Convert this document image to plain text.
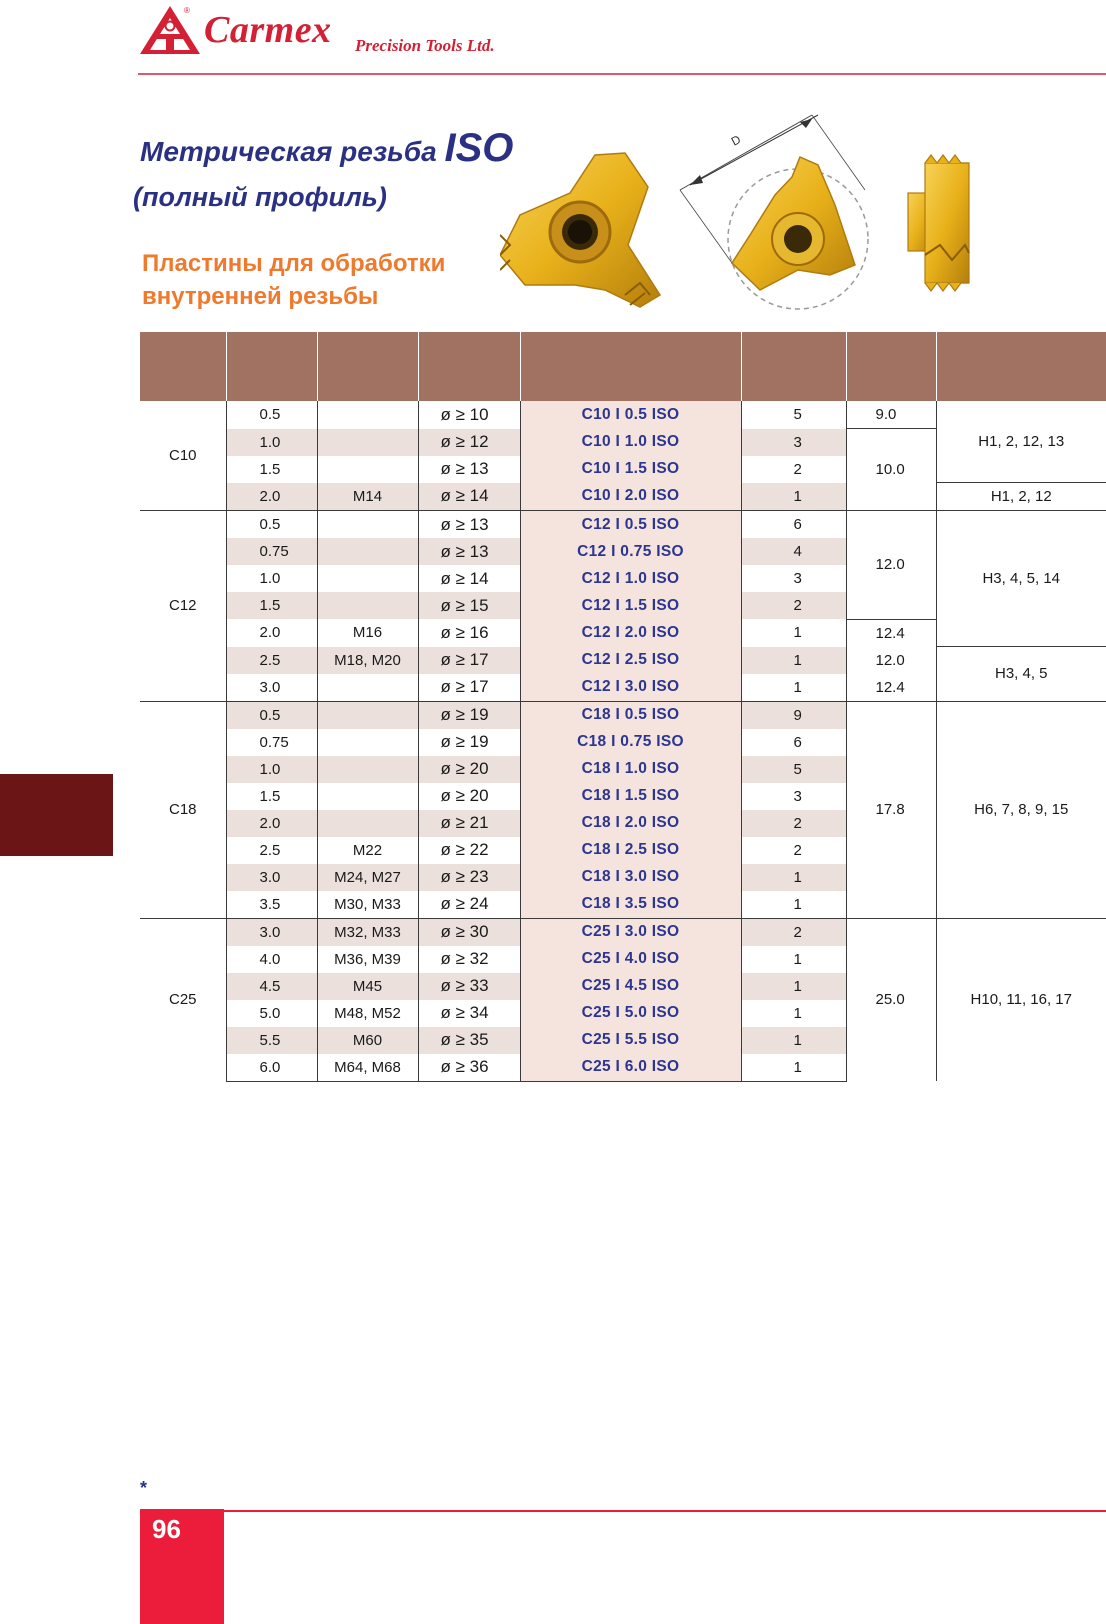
® Carmex Precision Tools Ltd.
Метрическая резьба ISO
(полный профиль)
Пластины для обработки
внутренней резьбы
D

C10	0.5		ø ≥ 10	C10 I 0.5 ISO	5	9.0	H1, 2, 12, 13
	1.0		ø ≥ 12	C10 I 1.0 ISO	3	10.0	
	1.5		ø ≥ 13	C10 I 1.5 ISO	2		
	2.0	M14	ø ≥ 14	C10 I 2.0 ISO	1		H1, 2, 12
C12	0.5		ø ≥ 13	C12 I 0.5 ISO	6	12.0	H3, 4, 5, 14
	0.75		ø ≥ 13	C12 I 0.75 ISO	4		
	1.0		ø ≥ 14	C12 I 1.0 ISO	3		
	1.5		ø ≥ 15	C12 I 1.5 ISO	2		
	2.0	M16	ø ≥ 16	C12 I 2.0 ISO	1	12.4	
	2.5	M18, M20	ø ≥ 17	C12 I 2.5 ISO	1	12.0	H3, 4, 5
	3.0		ø ≥ 17	C12 I 3.0 ISO	1	12.4	
C18	0.5		ø ≥ 19	C18 I 0.5 ISO	9	17.8	H6, 7, 8, 9, 15
	0.75		ø ≥ 19	C18 I 0.75 ISO	6		
	1.0		ø ≥ 20	C18 I 1.0 ISO	5		
	1.5		ø ≥ 20	C18 I 1.5 ISO	3		
	2.0		ø ≥ 21	C18 I 2.0 ISO	2		
	2.5	M22	ø ≥ 22	C18 I 2.5 ISO	2		
	3.0	M24, M27	ø ≥ 23	C18 I 3.0 ISO	1		
	3.5	M30, M33	ø ≥ 24	C18 I 3.5 ISO	1		
C25	3.0	M32, M33	ø ≥ 30	C25 I 3.0 ISO	2	25.0	H10, 11, 16, 17
	4.0	M36, M39	ø ≥ 32	C25 I 4.0 ISO	1		
	4.5	M45	ø ≥ 33	C25 I 4.5 ISO	1		
	5.0	M48, M52	ø ≥ 34	C25 I 5.0 ISO	1		
	5.5	M60	ø ≥ 35	C25 I 5.5 ISO	1		
	6.0	M64, M68	ø ≥ 36	C25 I 6.0 ISO	1		
*
96
